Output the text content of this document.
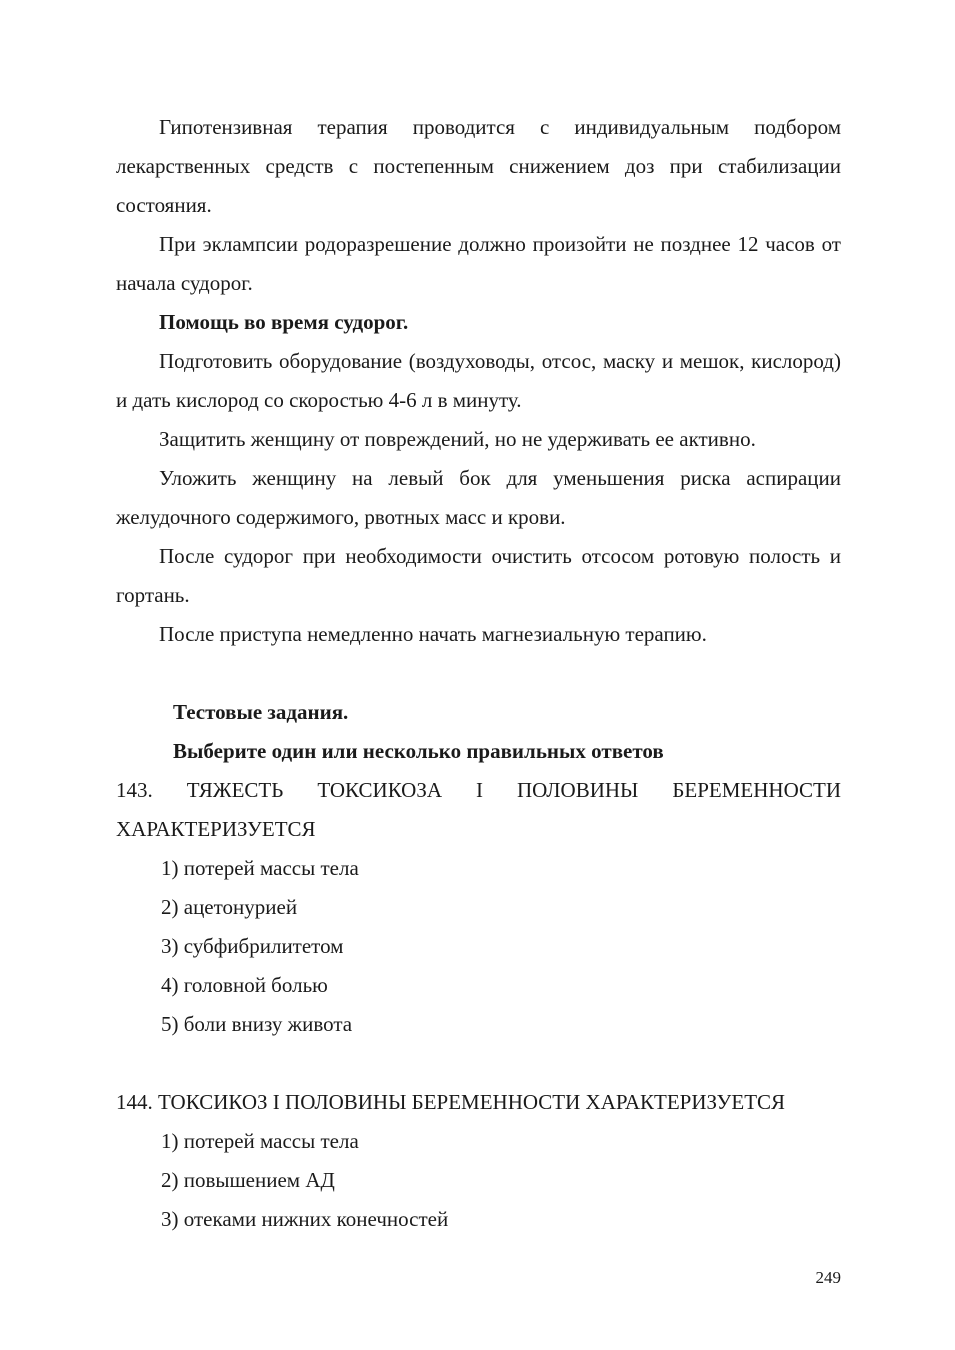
Гипотензивная терапия проводится с индивидуальным подбором лекарственных средств с постепенным снижением доз при стабилизации состояния.

При эклампсии родоразрешение должно произойти не позднее 12 часов от начала судорог.

Помощь во время судорог.

Подготовить оборудование (воздуховоды, отсос, маску и мешок, кислород) и дать кислород со скоростью 4-6 л в минуту.

Защитить женщину от повреждений, но не удерживать ее активно.

Уложить женщину на левый бок для уменьшения риска аспирации желудочного содержимого, рвотных масс и крови.

После судорог при необходимости очистить отсосом ротовую полость и гортань.

После приступа немедленно начать магнезиальную терапию.

Тестовые задания.

Выберите один или несколько правильных ответов

143. ТЯЖЕСТЬ ТОКСИКОЗА I ПОЛОВИНЫ БЕРЕМЕННОСТИ ХАРАКТЕРИЗУЕТСЯ

1) потерей массы тела
2) ацетонурией
3) субфибрилитетом
4) головной болью
5) боли внизу живота

144. ТОКСИКОЗ I ПОЛОВИНЫ БЕРЕМЕННОСТИ ХАРАКТЕРИЗУЕТСЯ

1) потерей массы тела
2) повышением АД
3) отеками нижних конечностей
249
